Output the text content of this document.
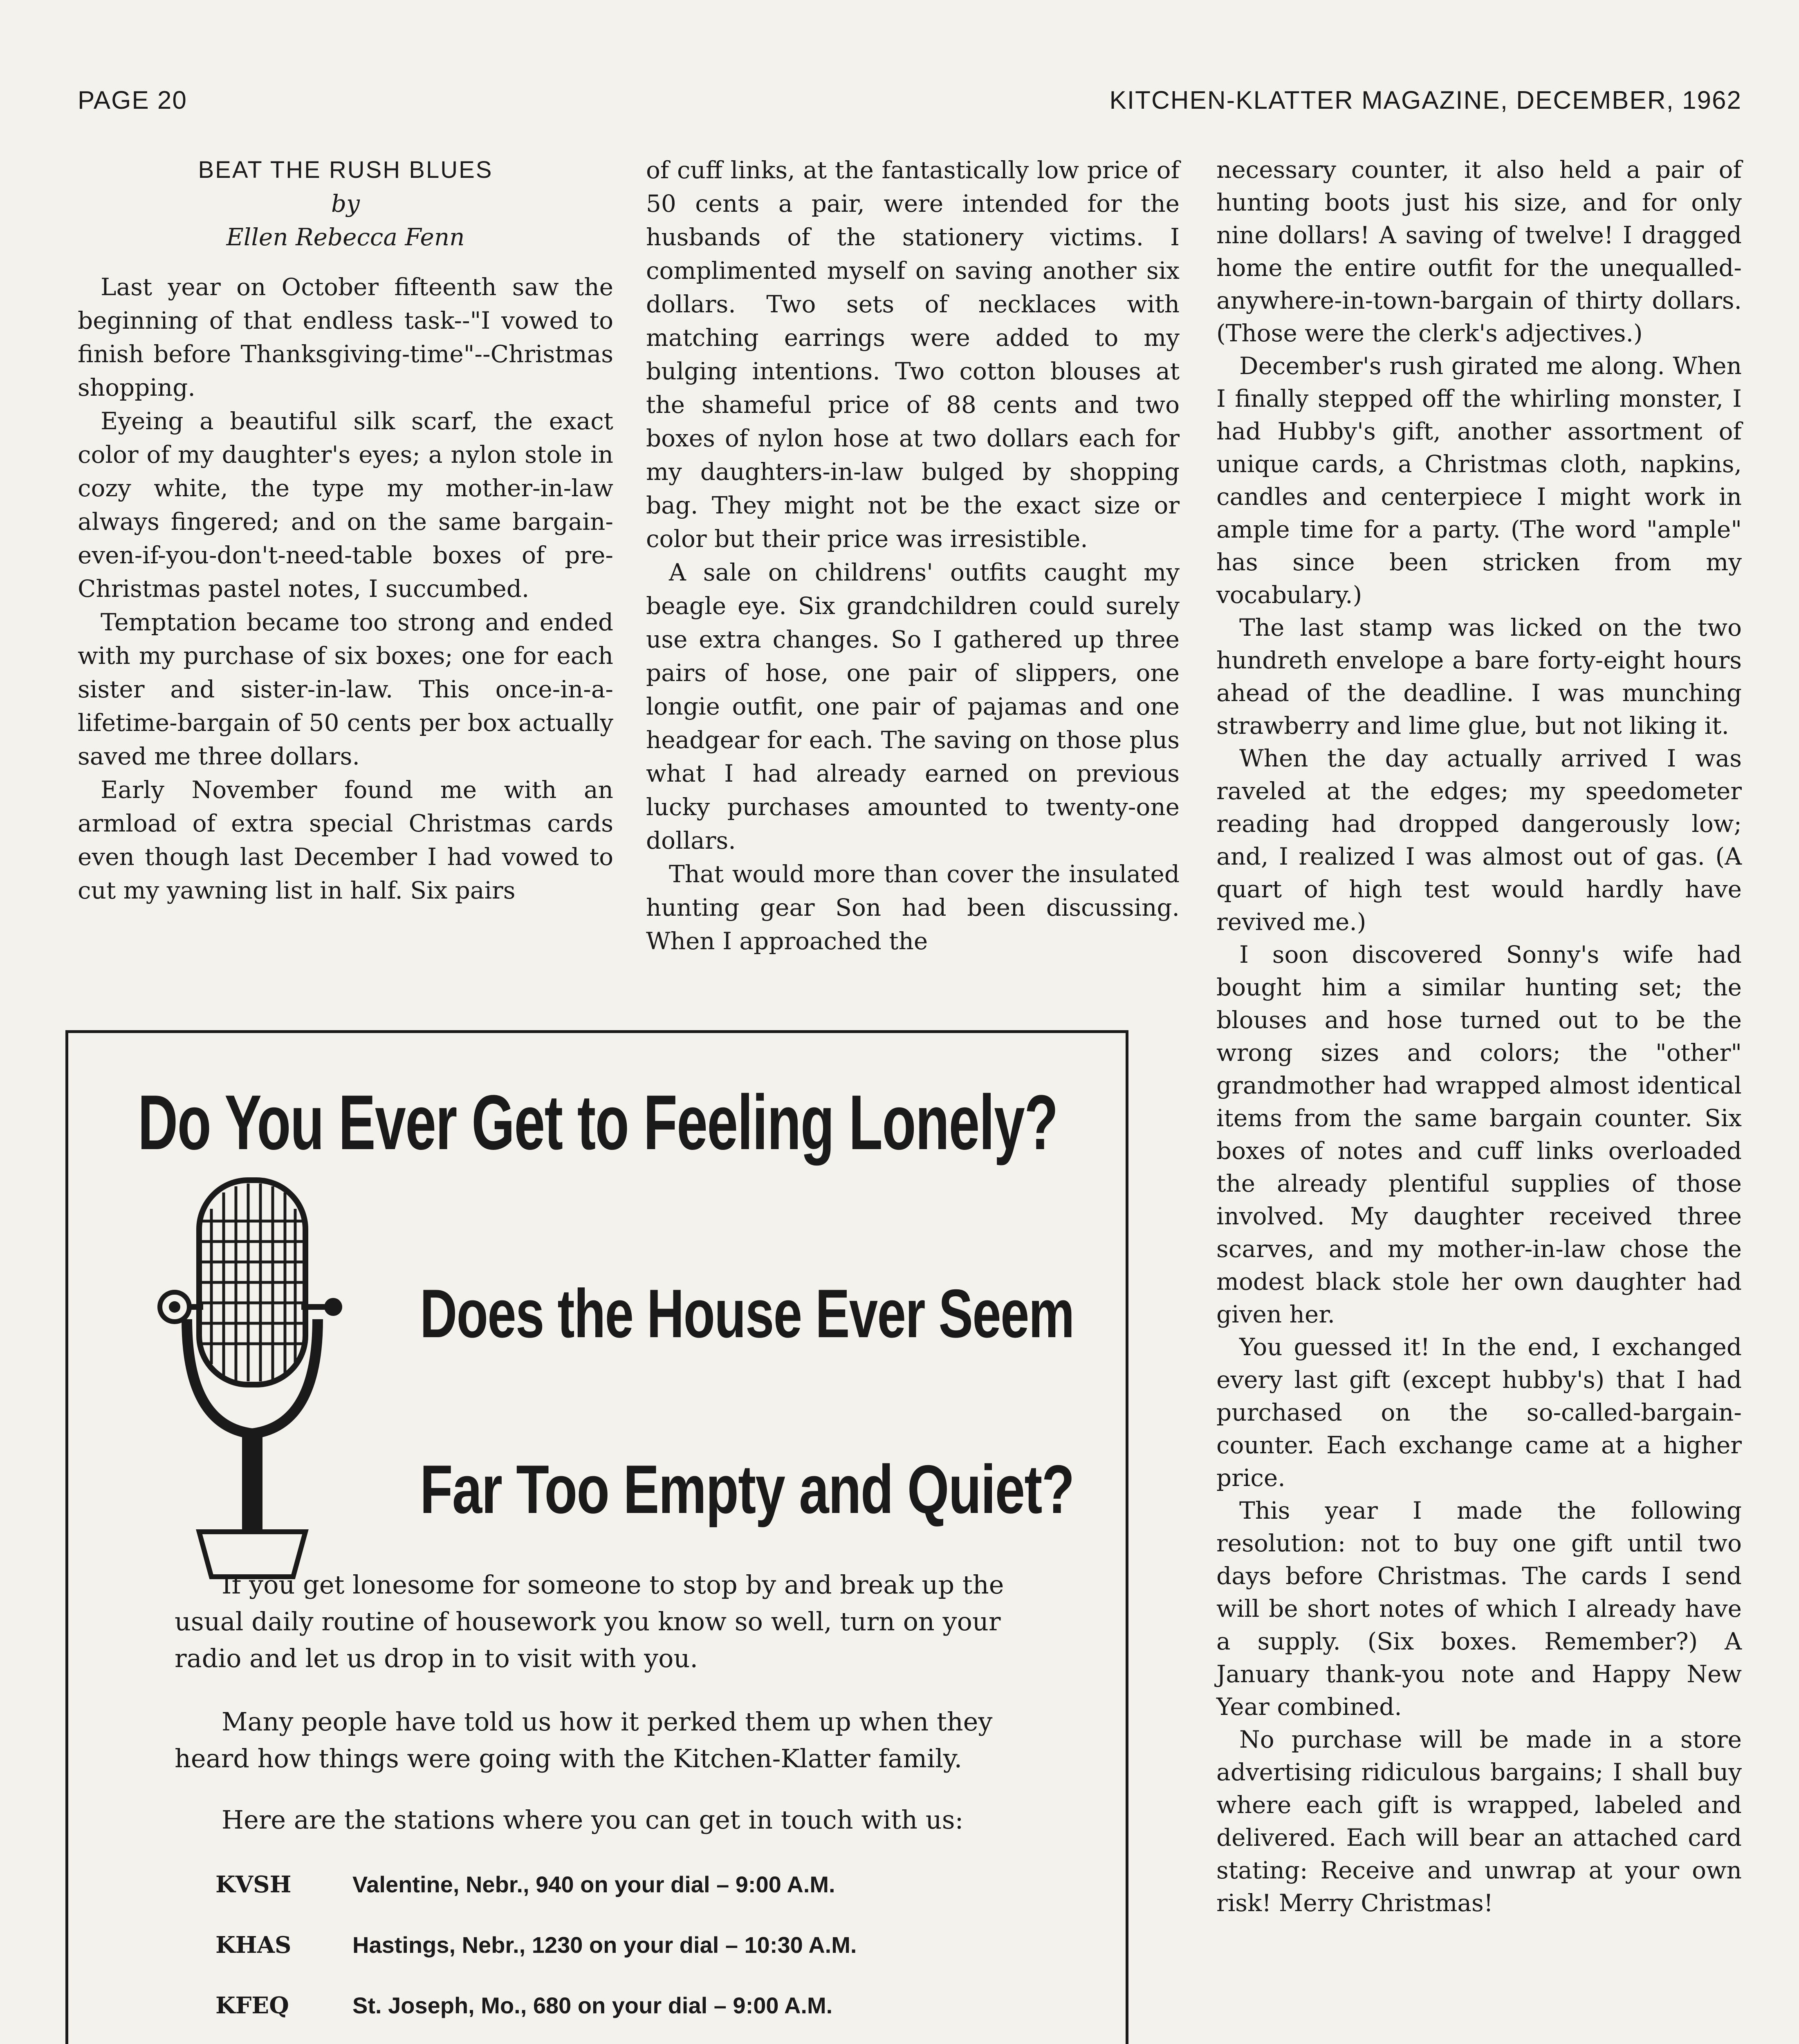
PAGE 20	KITCHEN-KLATTER MAGAZINE, DECEMBER, 1962
BEAT THE RUSH BLUES
by
Ellen Rebecca Fenn

Last year on October fifteenth saw the beginning of that endless task--"I vowed to finish before Thanksgiving-time"--Christmas shopping.

Eyeing a beautiful silk scarf, the exact color of my daughter's eyes; a nylon stole in cozy white, the type my mother-in-law always fingered; and on the same bargain-even-if-you-don't-need-table boxes of pre-Christmas pastel notes, I succumbed.

Temptation became too strong and ended with my purchase of six boxes; one for each sister and sister-in-law. This once-in-a-lifetime-bargain of 50 cents per box actually saved me three dollars.

Early November found me with an armload of extra special Christmas cards even though last December I had vowed to cut my yawning list in half. Six pairs

of cuff links, at the fantastically low price of 50 cents a pair, were intended for the husbands of the stationery victims. I complimented myself on saving another six dollars. Two sets of necklaces with matching earrings were added to my bulging intentions. Two cotton blouses at the shameful price of 88 cents and two boxes of nylon hose at two dollars each for my daughters-in-law bulged by shopping bag. They might not be the exact size or color but their price was irresistible.

A sale on childrens' outfits caught my beagle eye. Six grandchildren could surely use extra changes. So I gathered up three pairs of hose, one pair of slippers, one longie outfit, one pair of pajamas and one headgear for each. The saving on those plus what I had already earned on previous lucky purchases amounted to twenty-one dollars.

That would more than cover the insulated hunting gear Son had been discussing. When I approached the

necessary counter, it also held a pair of hunting boots just his size, and for only nine dollars! A saving of twelve! I dragged home the entire outfit for the unequalled-anywhere-in-town-bargain of thirty dollars. (Those were the clerk's adjectives.)

December's rush girated me along. When I finally stepped off the whirling monster, I had Hubby's gift, another assortment of unique cards, a Christmas cloth, napkins, candles and centerpiece I might work in ample time for a party. (The word "ample" has since been stricken from my vocabulary.)

The last stamp was licked on the two hundreth envelope a bare forty-eight hours ahead of the deadline. I was munching strawberry and lime glue, but not liking it.

When the day actually arrived I was raveled at the edges; my speedometer reading had dropped dangerously low; and, I realized I was almost out of gas. (A quart of high test would hardly have revived me.)

I soon discovered Sonny's wife had bought him a similar hunting set; the blouses and hose turned out to be the wrong sizes and colors; the "other" grandmother had wrapped almost identical items from the same bargain counter. Six boxes of notes and cuff links overloaded the already plentiful supplies of those involved. My daughter received three scarves, and my mother-in-law chose the modest black stole her own daughter had given her.

You guessed it! In the end, I exchanged every last gift (except hubby's) that I had purchased on the so-called-bargain-counter. Each exchange came at a higher price.

This year I made the following resolution: not to buy one gift until two days before Christmas. The cards I send will be short notes of which I already have a supply. (Six boxes. Remember?) A January thank-you note and Happy New Year combined.

No purchase will be made in a store advertising ridiculous bargains; I shall buy where each gift is wrapped, labeled and delivered. Each will bear an attached card stating: Receive and unwrap at your own risk! Merry Christmas!

Do You Ever Get to Feeling Lonely?
Does the House Ever Seem
Far Too Empty and Quiet?
If you get lonesome for someone to stop by and break up the usual daily routine of housework you know so well, turn on your radio and let us drop in to visit with you.
Many people have told us how it perked them up when they heard how things were going with the Kitchen-Klatter family.
Here are the stations where you can get in touch with us:
KVSH	Valentine, Nebr., 940 on your dial – 9:00 A.M.
KHAS	Hastings, Nebr., 1230 on your dial – 10:30 A.M.
KFEQ	St. Joseph, Mo., 680 on your dial – 9:00 A.M.
